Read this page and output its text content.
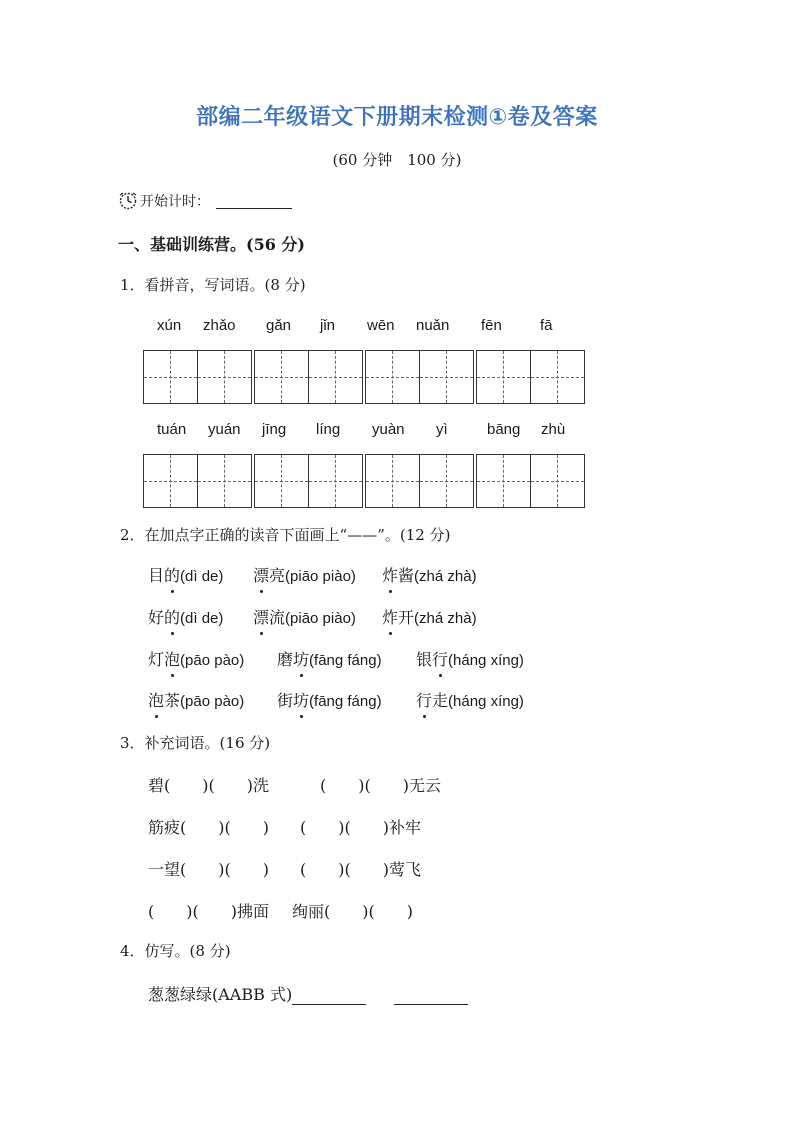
部编二年级语文下册期末检测①卷及答案
(60 分钟　100 分)
开始计时：
一、基础训练营。(56 分)
1．看拼音，写词语。(8 分)
xún zhǎo gǎn jǐn wēn nuǎn fēn	fā
tuán yuán jīng líng yuàn yì	bāng zhù
2．在加点字正确的读音下面画上“——”。(12 分)
目的(dì de) 漂亮(piāo piào) 炸酱(zhá zhà)
好的(dì de) 漂流(piāo piào) 炸开(zhá zhà)
灯泡(pāo pào) 磨坊(fāng fáng) 银行(háng xíng)
泡茶(pāo pào) 街坊(fāng fáng) 行走(háng xíng)
3．补充词语。(16 分)
碧(　　)(　　)洗	(　　)(　　)无云
筋疲(　　)(　　) (　　)(　　)补牢
一望(　　)(　　) (　　)(　　)莺飞
(　　)(　　)拂面 绚丽(　　)(　　)
4．仿写。(8 分)
葱葱绿绿(AABB 式)
